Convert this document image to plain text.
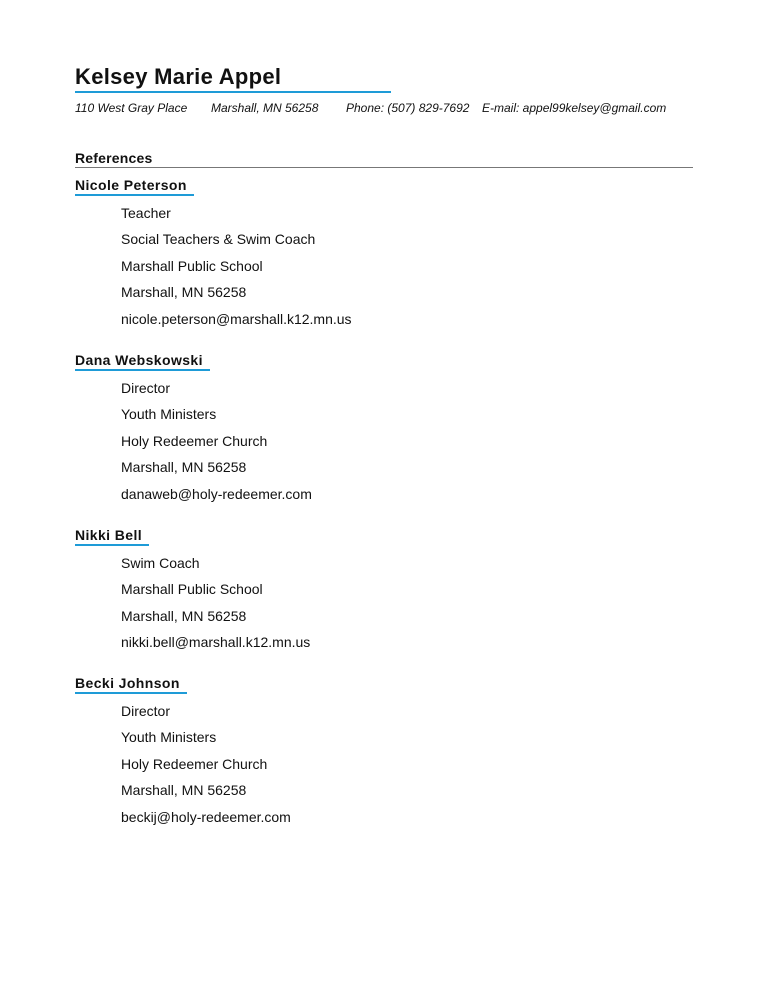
Kelsey Marie Appel
110 West Gray Place Marshall, MN 56258 Phone: (507) 829-7692 E-mail: appel99kelsey@gmail.com
References
Nicole Peterson
Teacher
Social Teachers & Swim Coach
Marshall Public School
Marshall, MN 56258
nicole.peterson@marshall.k12.mn.us
Dana Webskowski
Director
Youth Ministers
Holy Redeemer Church
Marshall, MN 56258
danaweb@holy-redeemer.com
Nikki Bell
Swim Coach
Marshall Public School
Marshall, MN 56258
nikki.bell@marshall.k12.mn.us
Becki Johnson
Director
Youth Ministers
Holy Redeemer Church
Marshall, MN 56258
beckij@holy-redeemer.com
